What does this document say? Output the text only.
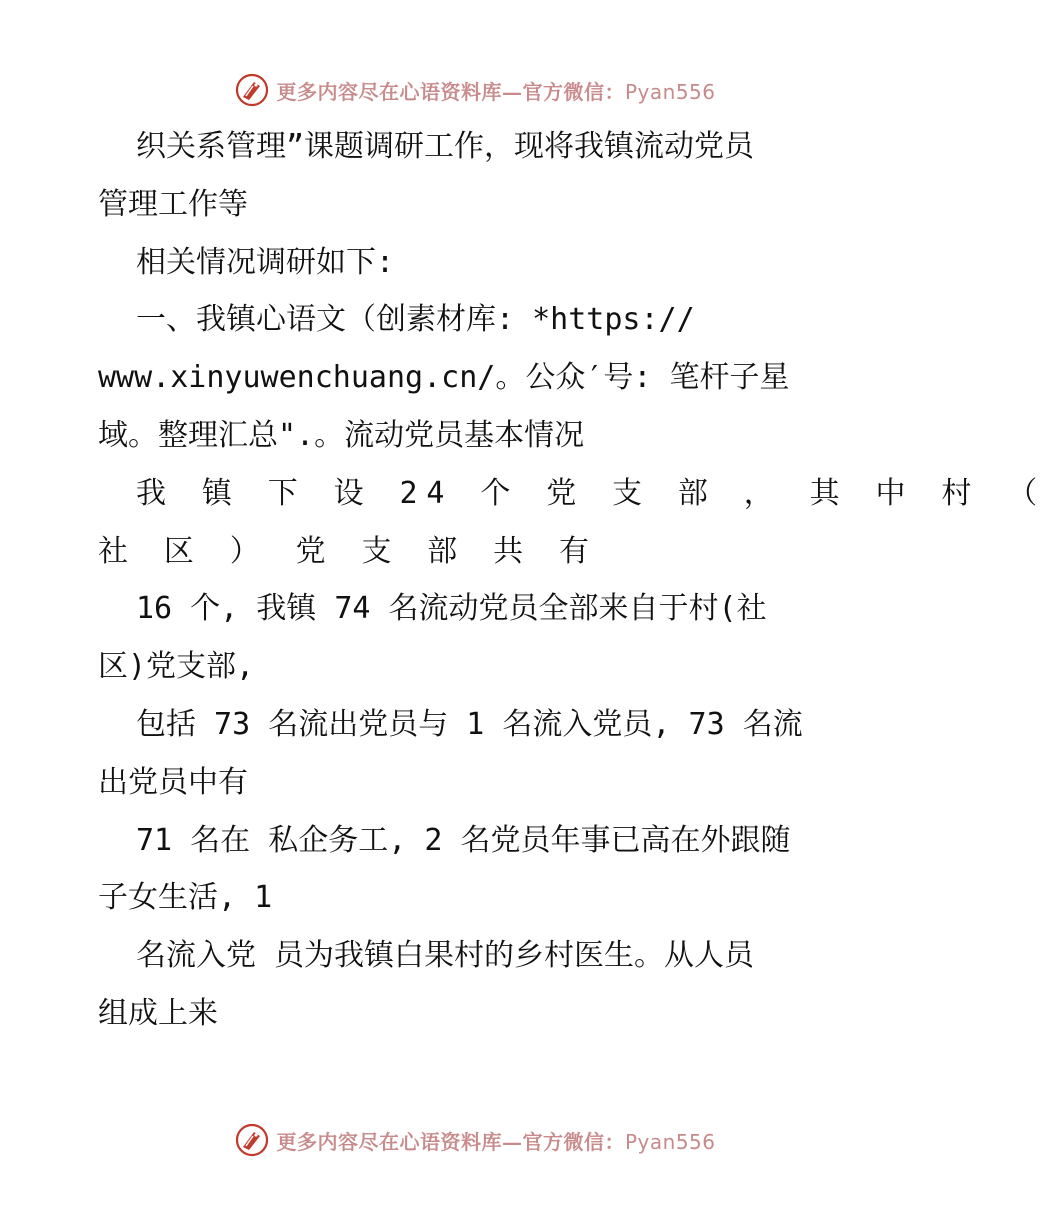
更多内容尽在心语资料库—官方微信：Pyan556
织关系管理”课题调研工作，现将我镇流动党员
管理工作等
相关情况调研如下:
一、我镇心语文（创素材库: *https://
www.xinyuwenchuang.cn/。公众′号: 笔杆子星
域。整理汇总".。流动党员基本情况
我 镇 下 设 24 个 党 支 部 ， 其 中 村 （
社 区 ） 党 支 部 共 有
16 个, 我镇 74 名流动党员全部来自于村(社
区)党支部,
包括 73 名流出党员与 1 名流入党员, 73 名流
出党员中有
71 名在 私企务工, 2 名党员年事已高在外跟随
子女生活, 1
名流入党 员为我镇白果村的乡村医生。从人员
组成上来
更多内容尽在心语资料库—官方微信：Pyan556
